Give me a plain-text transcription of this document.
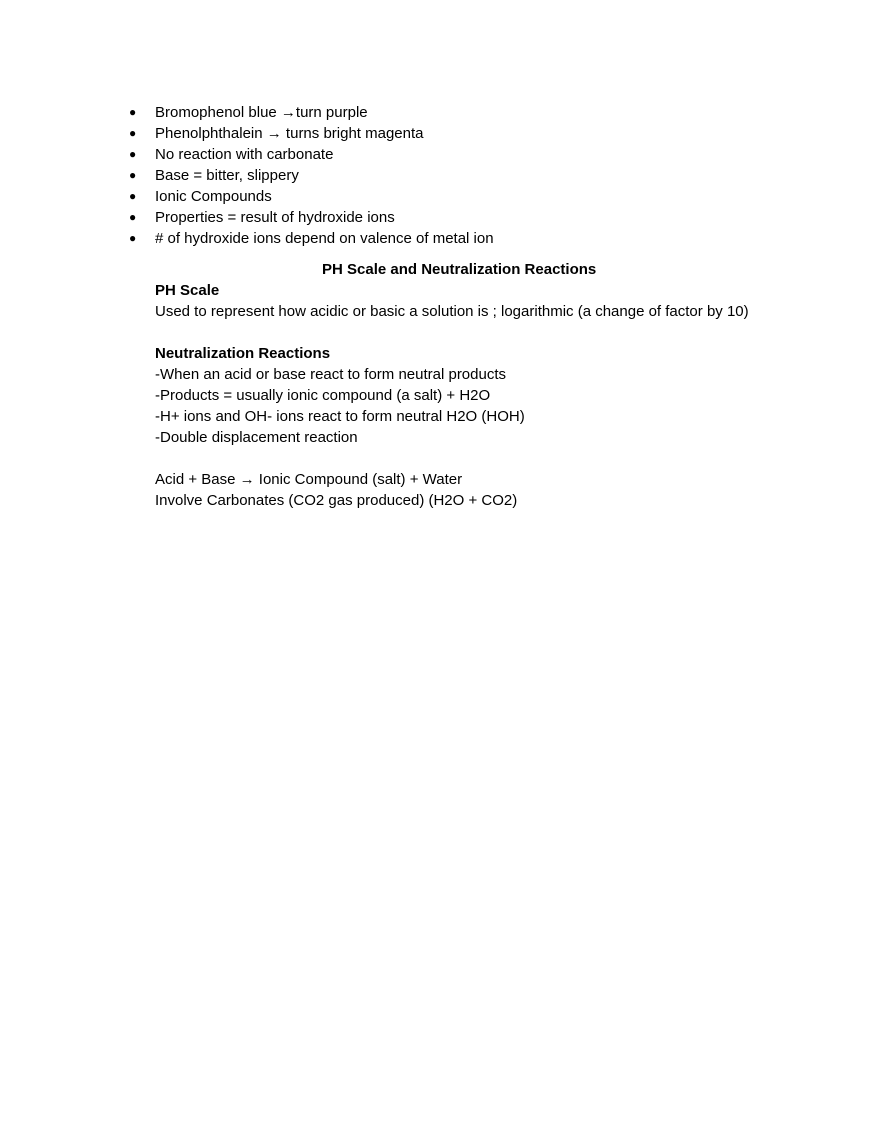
● Bromophenol blue →turn purple
● Phenolphthalein → turns bright magenta
● No reaction with carbonate
● Base = bitter, slippery
● Ionic Compounds
● Properties = result of hydroxide ions
● # of hydroxide ions depend on valence of metal ion
PH Scale and Neutralization Reactions
PH Scale
Used to represent how acidic or basic a solution is ; logarithmic (a change of factor by 10)
Neutralization Reactions
-When an acid or base react to form neutral products
-Products = usually ionic compound (a salt) + H2O
-H+ ions and OH- ions react to form neutral H2O (HOH)
-Double displacement reaction
Acid + Base → Ionic Compound (salt) + Water
Involve Carbonates (CO2 gas produced) (H2O + CO2)
